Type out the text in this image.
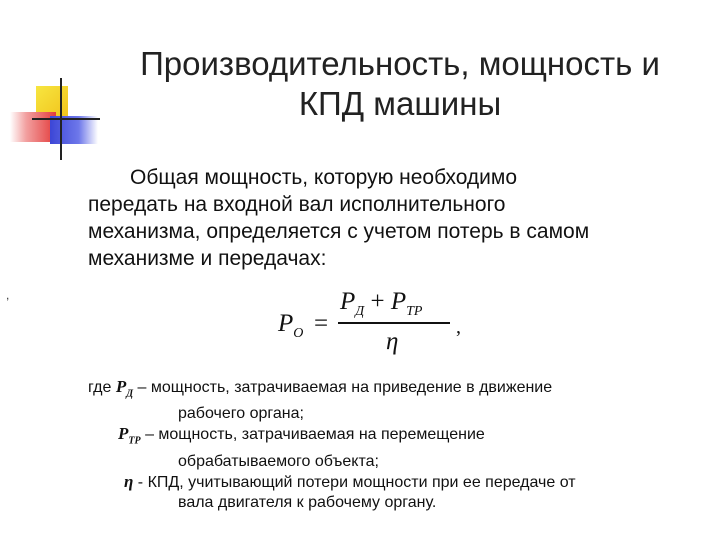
Производительность, мощность и
КПД машины
Общая мощность, которую необходимо
передать на входной вал исполнительного
механизма, определяется с учетом потерь в самом
механизме и передачах:
,
$P_O$ =
$P_Д + P_{ТР}$
η
,
где $Р_Д$ – мощность, затрачиваемая на приведение в движение
рабочего органа;
$Р_{ТР}$ – мощность, затрачиваемая на перемещение
обрабатываемого объекта;
η - КПД, учитывающий потери мощности при ее передаче от
вала двигателя к рабочему органу.
